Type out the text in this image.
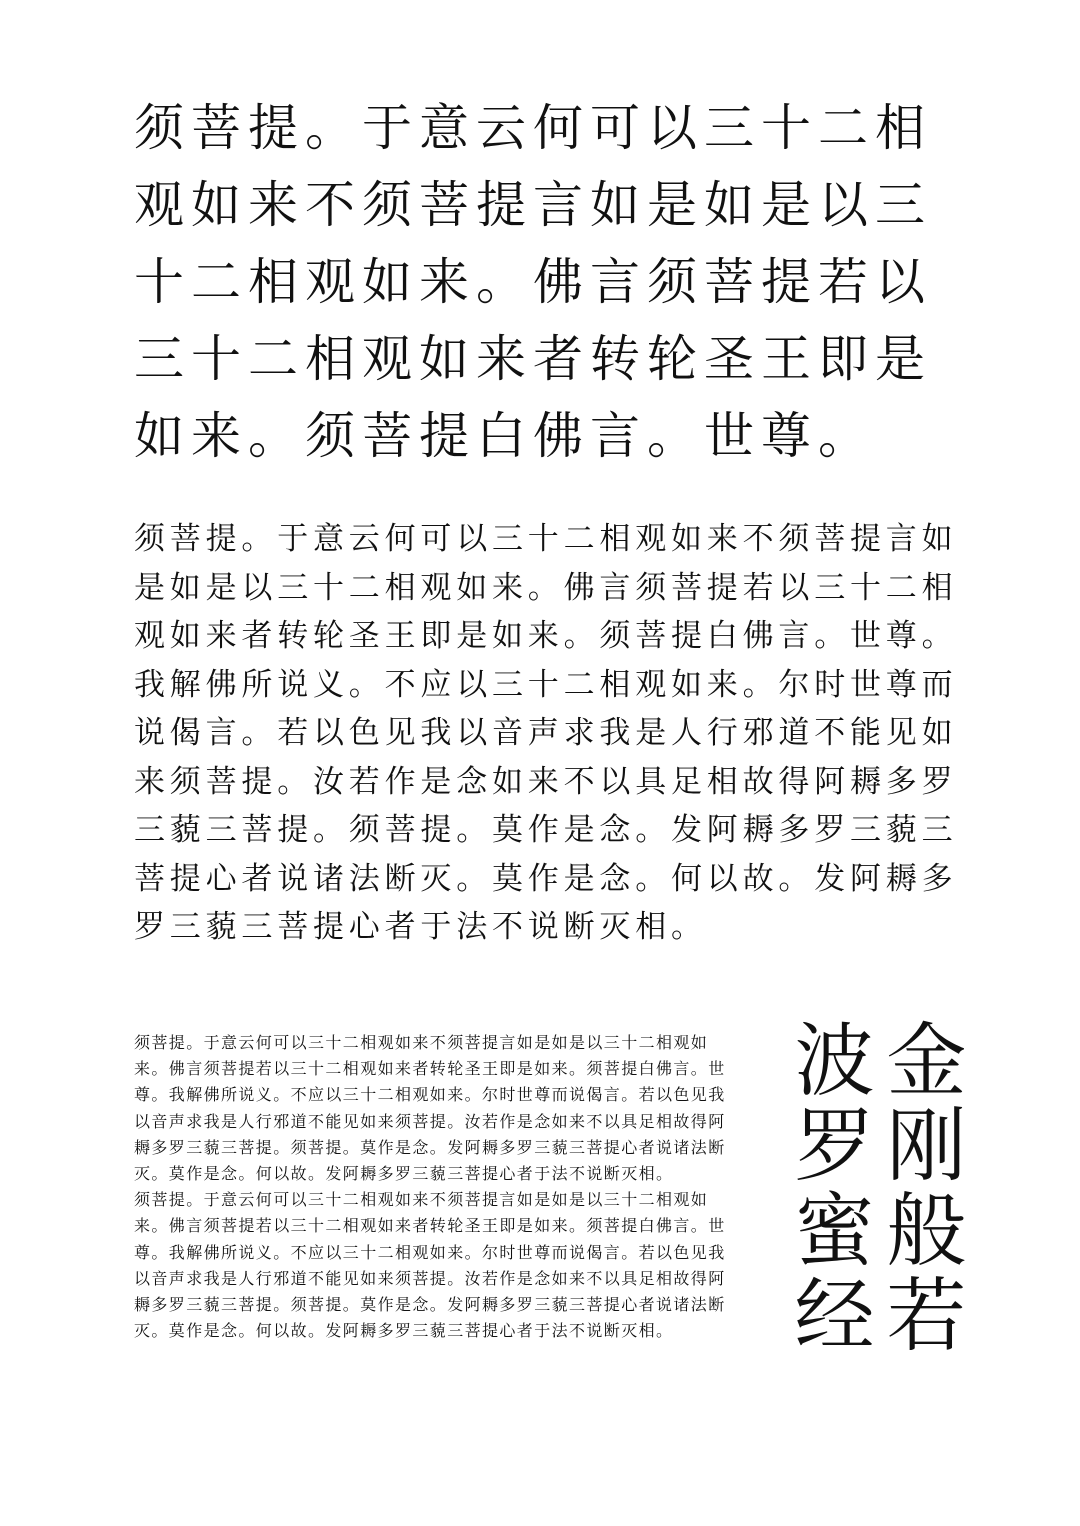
须菩提。于意云何可以三十二相观如来不须菩提言如是如是以三十二相观如来。佛言须菩提若以三十二相观如来者转轮圣王即是如来。须菩提白佛言。世尊。

须菩提。于意云何可以三十二相观如来不须菩提言如是如是以三十二相观如来。佛言须菩提若以三十二相观如来者转轮圣王即是如来。须菩提白佛言。世尊。我解佛所说义。不应以三十二相观如来。尔时世尊而说偈言。若以色见我以音声求我是人行邪道不能见如来须菩提。汝若作是念如来不以具足相故得阿耨多罗三藐三菩提。须菩提。莫作是念。发阿耨多罗三藐三菩提心者说诸法断灭。莫作是念。何以故。发阿耨多罗三藐三菩提心者于法不说断灭相。

须菩提。于意云何可以三十二相观如来不须菩提言如是如是以三十二相观如来。佛言须菩提若以三十二相观如来者转轮圣王即是如来。须菩提白佛言。世尊。我解佛所说义。不应以三十二相观如来。尔时世尊而说偈言。若以色见我以音声求我是人行邪道不能见如来须菩提。汝若作是念如来不以具足相故得阿耨多罗三藐三菩提。须菩提。莫作是念。发阿耨多罗三藐三菩提心者说诸法断灭。莫作是念。何以故。发阿耨多罗三藐三菩提心者于法不说断灭相。

须菩提。于意云何可以三十二相观如来不须菩提言如是如是以三十二相观如来。佛言须菩提若以三十二相观如来者转轮圣王即是如来。须菩提白佛言。世尊。我解佛所说义。不应以三十二相观如来。尔时世尊而说偈言。若以色见我以音声求我是人行邪道不能见如来须菩提。汝若作是念如来不以具足相故得阿耨多罗三藐三菩提。须菩提。莫作是念。发阿耨多罗三藐三菩提心者说诸法断灭。莫作是念。何以故。发阿耨多罗三藐三菩提心者于法不说断灭相。	金刚般若波罗蜜经
